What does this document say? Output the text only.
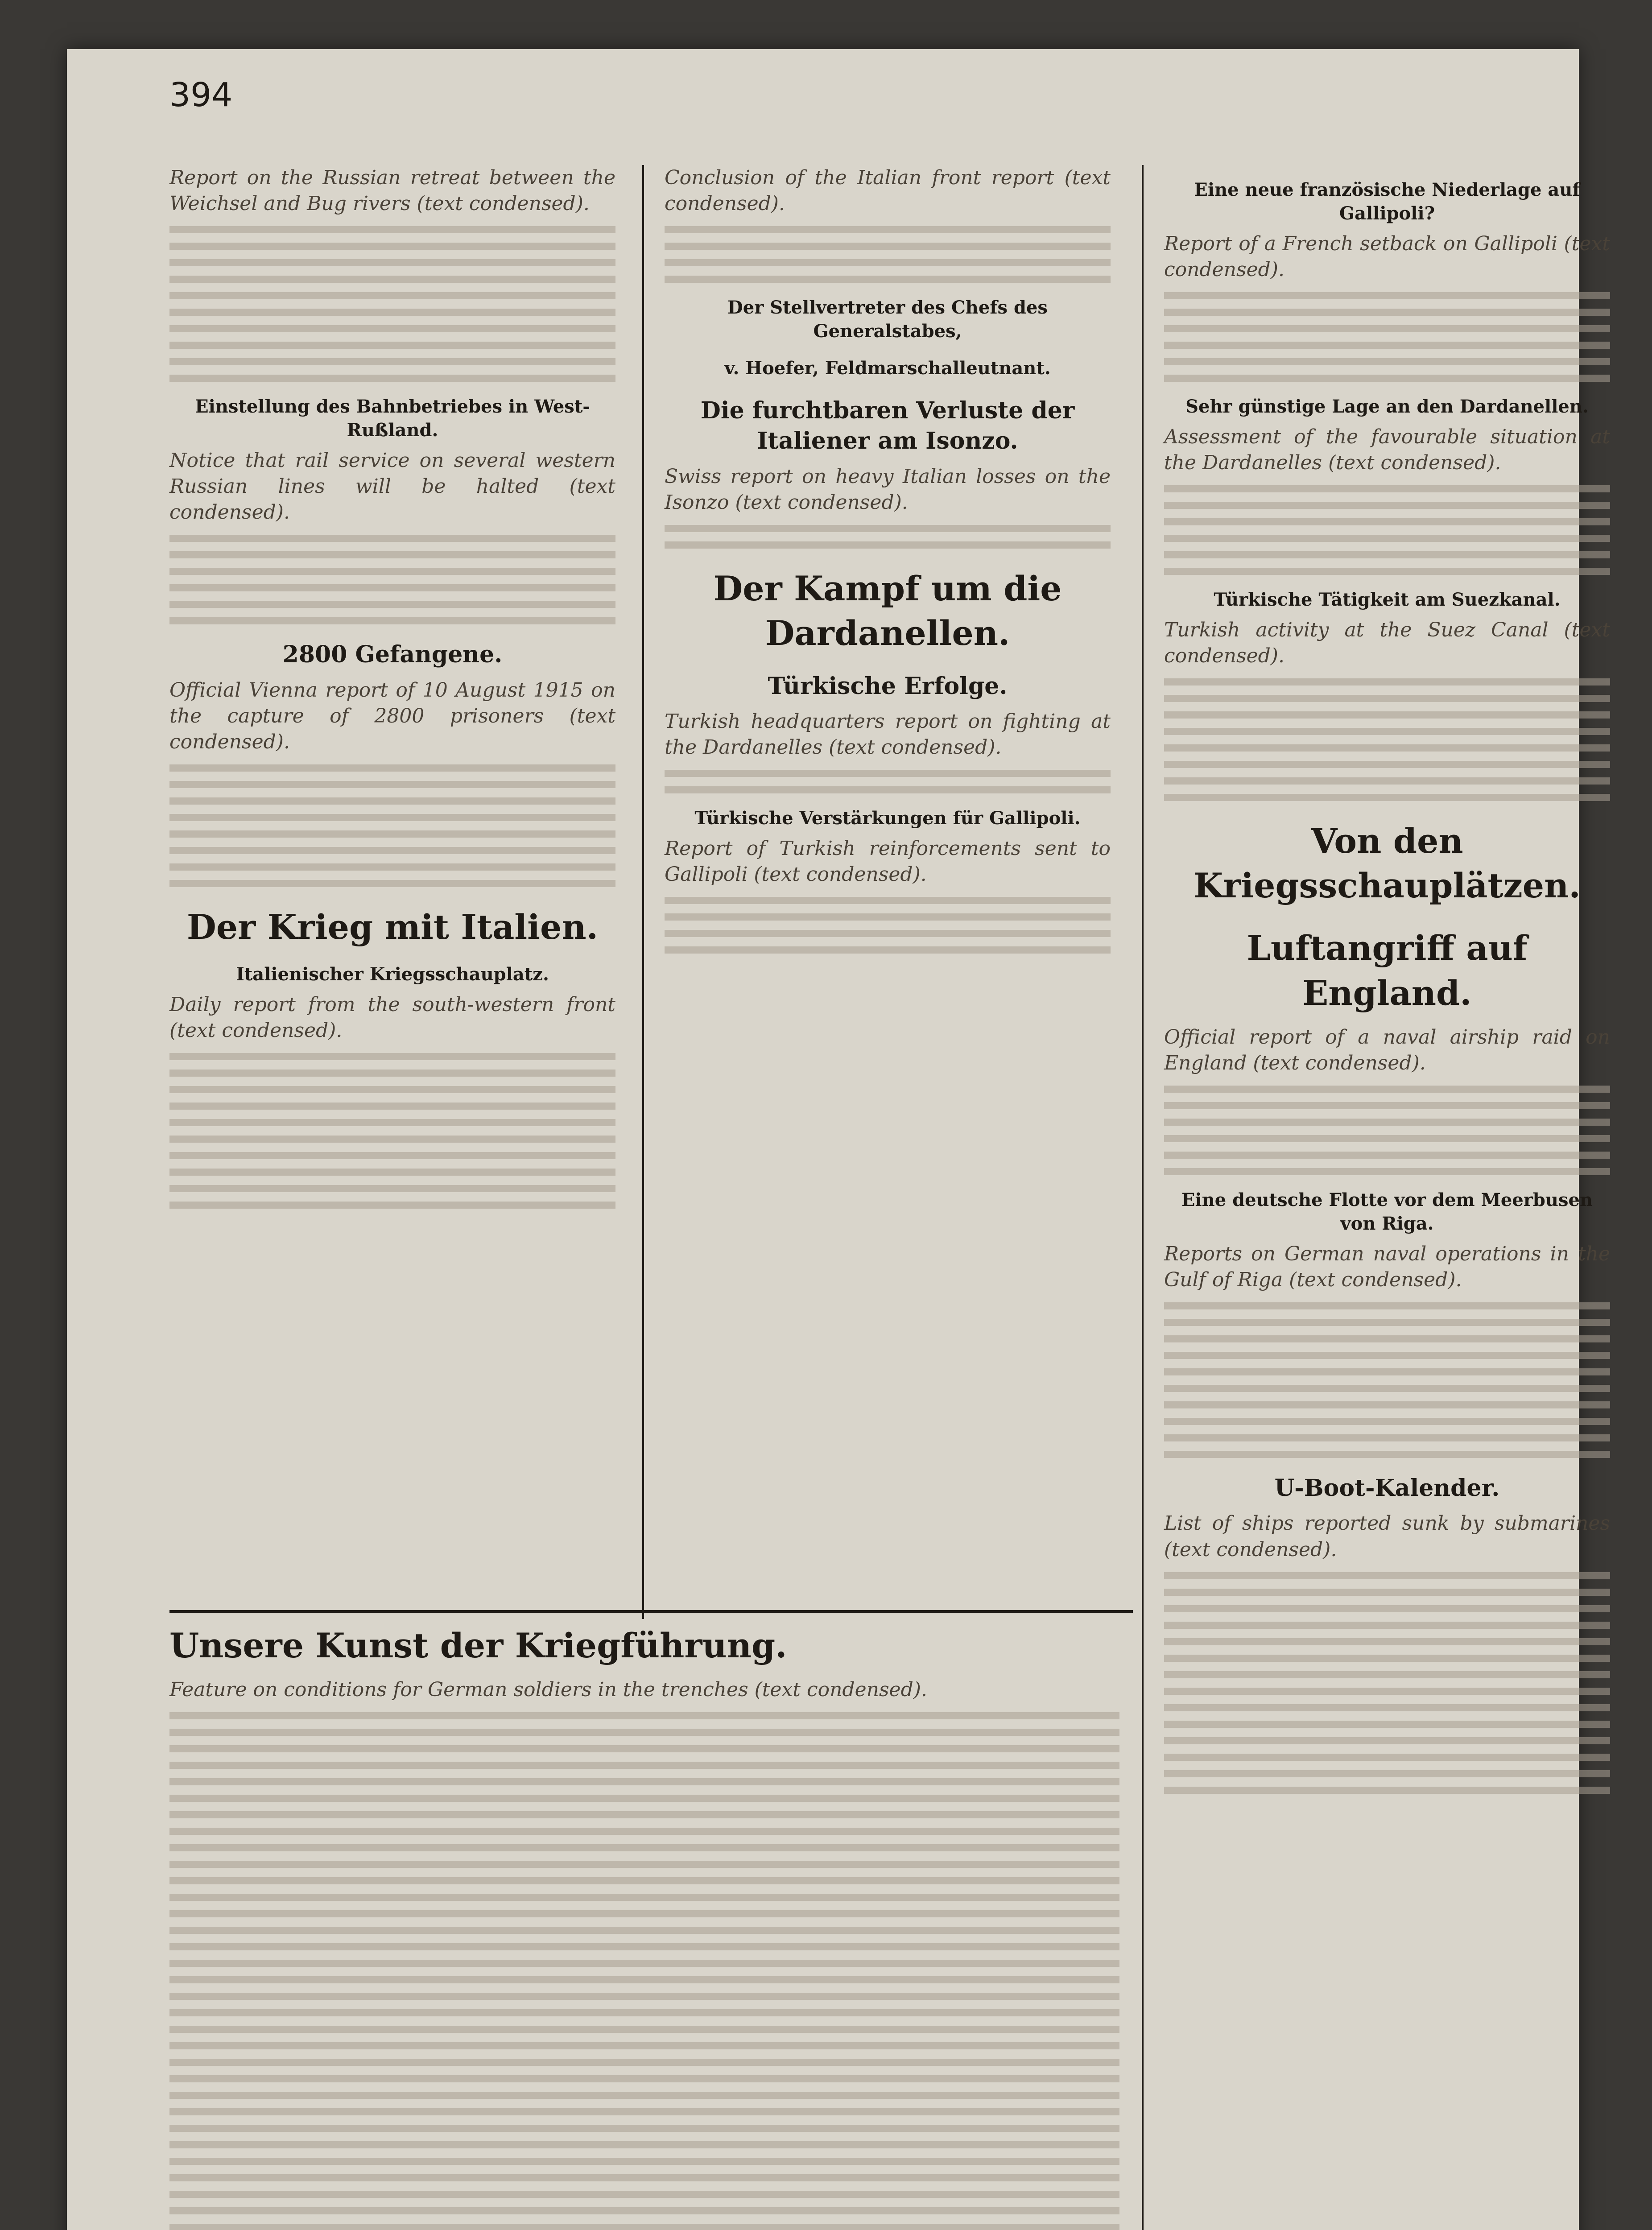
394
Report on the Russian retreat between the Weichsel and Bug rivers (text condensed).
Einstellung des Bahnbetriebes in West-Rußland.
Notice that rail service on several western Russian lines will be halted (text condensed).
2800 Gefangene.
Official Vienna report of 10 August 1915 on the capture of 2800 prisoners (text condensed).
Der Krieg mit Italien.
Italienischer Kriegsschauplatz.
Daily report from the south-western front (text condensed).
Conclusion of the Italian front report (text condensed).
Der Stellvertreter des Chefs des Generalstabes,
v. Hoefer, Feldmarschalleutnant.
Die furchtbaren Verluste der Italiener am Isonzo.
Swiss report on heavy Italian losses on the Isonzo (text condensed).
Der Kampf um die Dardanellen.
Türkische Erfolge.
Turkish headquarters report on fighting at the Dardanelles (text condensed).
Türkische Verstärkungen für Gallipoli.
Report of Turkish reinforcements sent to Gallipoli (text condensed).
Eine neue französische Niederlage auf Gallipoli?
Report of a French setback on Gallipoli (text condensed).
Sehr günstige Lage an den Dardanellen.
Assessment of the favourable situation at the Dardanelles (text condensed).
Türkische Tätigkeit am Suezkanal.
Turkish activity at the Suez Canal (text condensed).
Von den Kriegsschauplätzen.
Luftangriff auf England.
Official report of a naval airship raid on England (text condensed).
Eine deutsche Flotte vor dem Meerbusen von Riga.
Reports on German naval operations in the Gulf of Riga (text condensed).
U-Boot-Kalender.
List of ships reported sunk by submarines (text condensed).
Unsere Kunst der Kriegführung.
Feature on conditions for German soldiers in the trenches (text condensed).
